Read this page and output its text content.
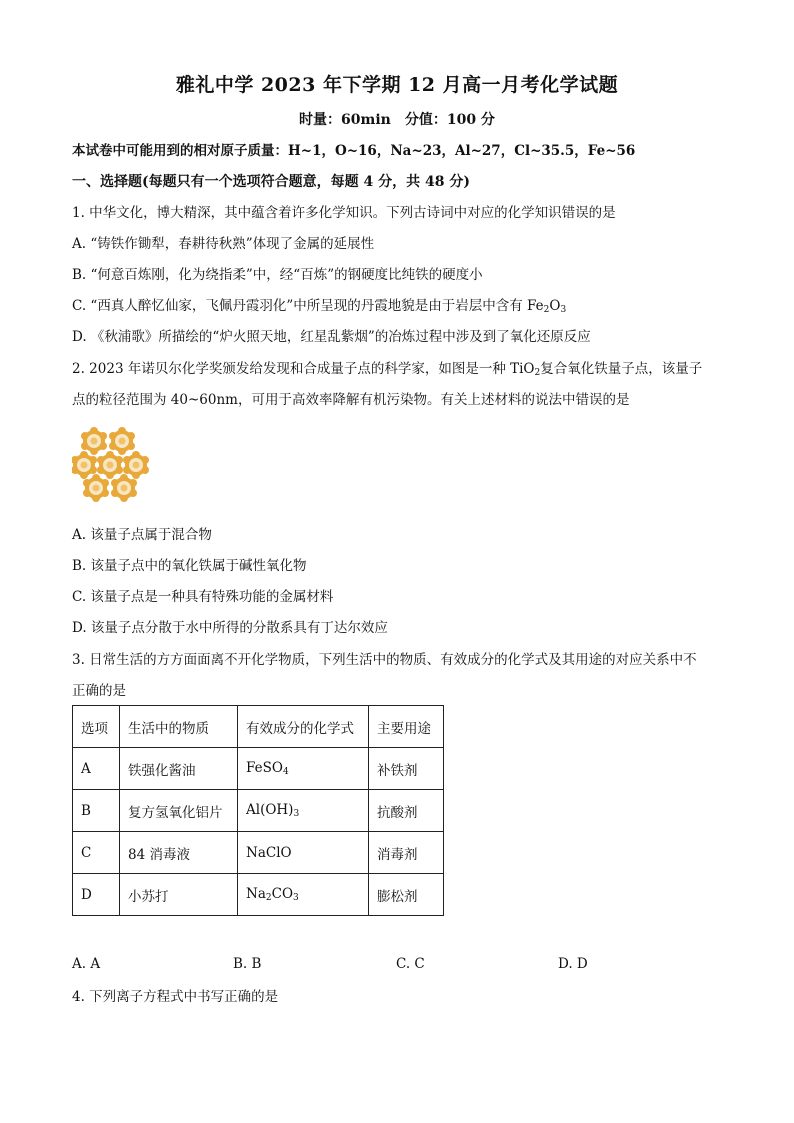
雅礼中学 2023 年下学期 12 月高一月考化学试题
时量：60min　分值：100 分
本试卷中可能用到的相对原子质量：H~1，O~16，Na~23，Al~27，Cl~35.5，Fe~56
一、选择题(每题只有一个选项符合题意，每题 4 分，共 48 分)
1. 中华文化，博大精深，其中蕴含着许多化学知识。下列古诗词中对应的化学知识错误的是
A. “铸铁作锄犁，春耕待秋熟”体现了金属的延展性
B. “何意百炼刚，化为绕指柔”中，经“百炼”的钢硬度比纯铁的硬度小
C. “西真人醉忆仙家，飞佩丹霞羽化”中所呈现的丹霞地貌是由于岩层中含有 $Fe_2O_3$
D. 《秋浦歌》所描绘的“炉火照天地，红星乱紫烟”的冶炼过程中涉及到了氧化还原反应
2. 2023 年诺贝尔化学奖颁发给发现和合成量子点的科学家，如图是一种 TiO$_2$复合氧化铁量子点，该量子
点的粒径范围为 40~60nm，可用于高效率降解有机污染物。有关上述材料的说法中错误的是
A. 该量子点属于混合物
B. 该量子点中的氧化铁属于碱性氧化物
C. 该量子点是一种具有特殊功能的金属材料
D. 该量子点分散于水中所得的分散系具有丁达尔效应
3. 日常生活的方方面面离不开化学物质，下列生活中的物质、有效成分的化学式及其用途的对应关系中不
正确的是
选项	生活中的物质	有效成分的化学式	主要用途
A	铁强化酱油	FeSO$_4$	补铁剂
B	复方氢氧化铝片	$Al(OH)_3$	抗酸剂
C	84 消毒液	NaClO	消毒剂
D	小苏打	$Na_2CO_3$	膨松剂
A. A	B. B	C. C	D. D
4. 下列离子方程式中书写正确的是
